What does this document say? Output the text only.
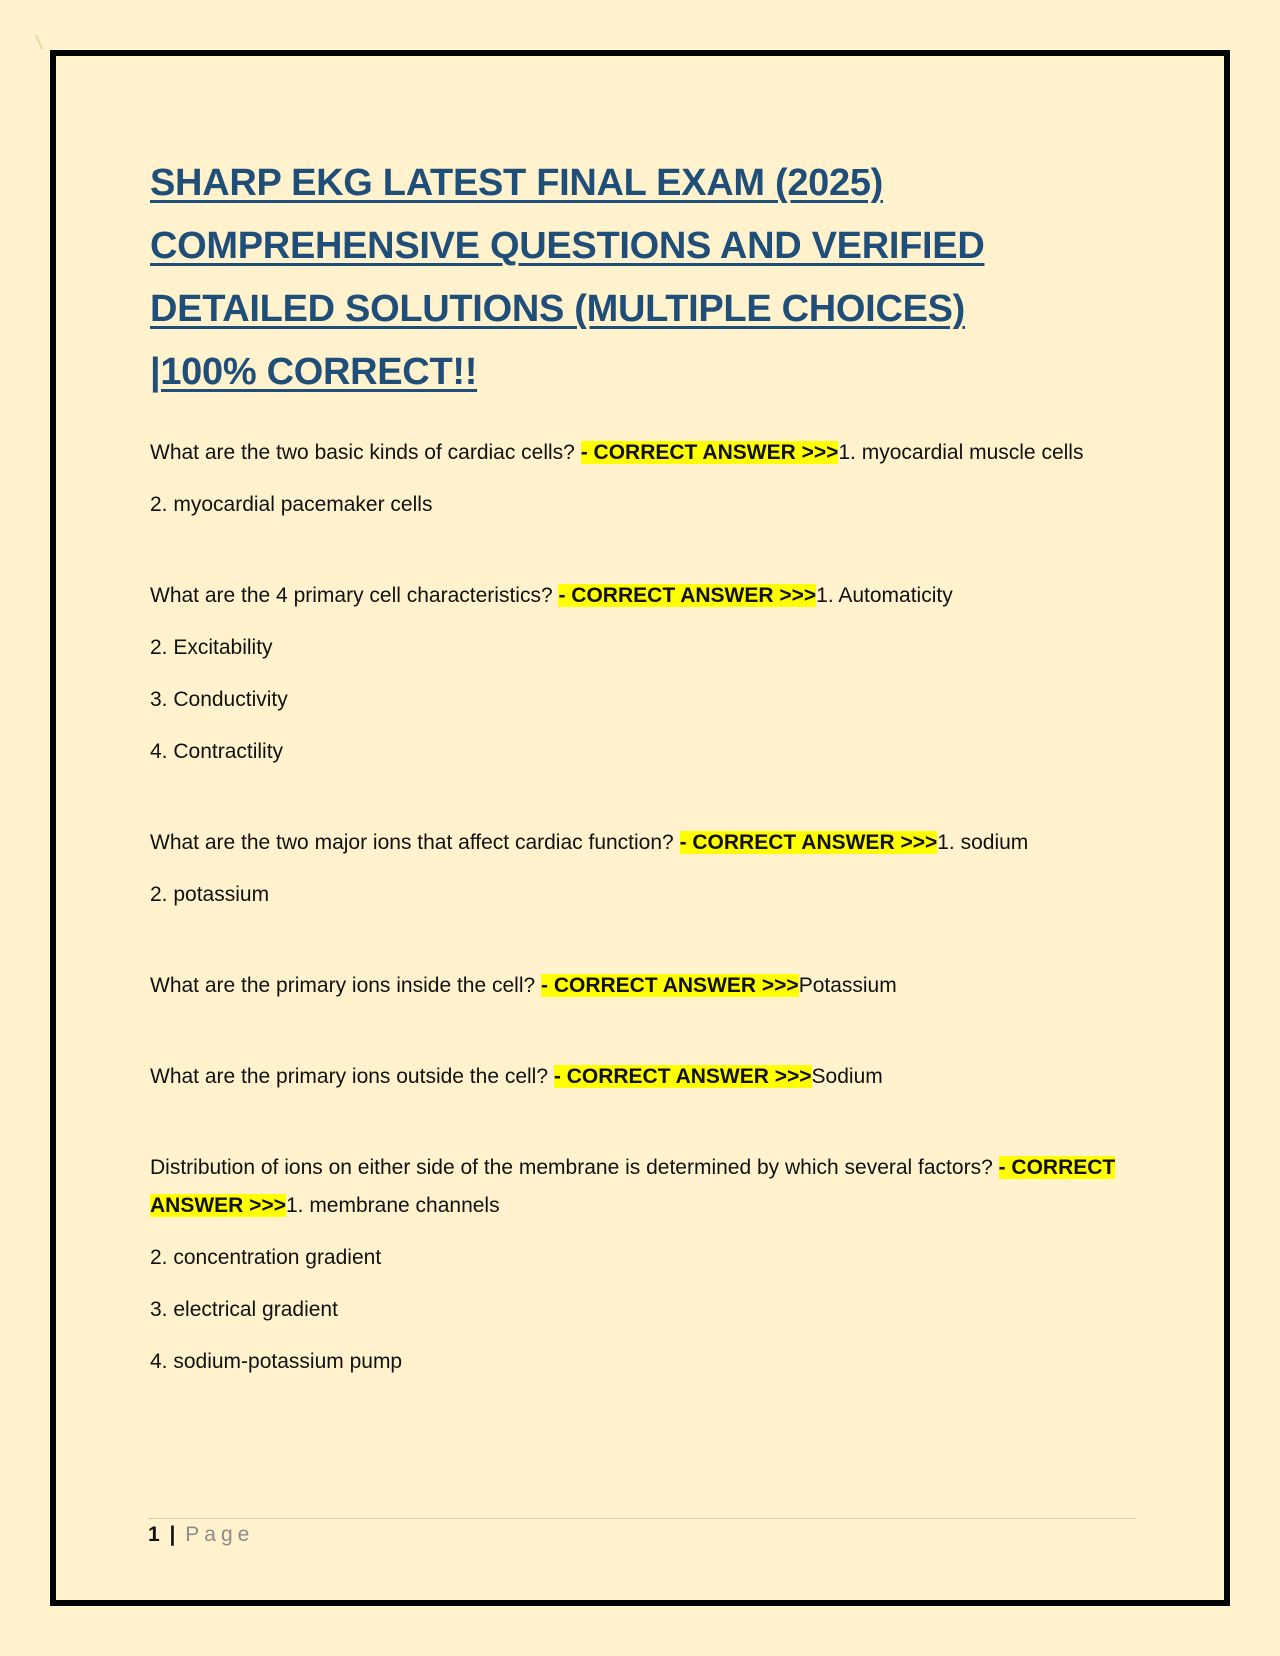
SHARP EKG LATEST FINAL EXAM (2025)
COMPREHENSIVE QUESTIONS AND VERIFIED
DETAILED SOLUTIONS (MULTIPLE CHOICES)
|100% CORRECT!!

What are the two basic kinds of cardiac cells? - CORRECT ANSWER >>>1. myocardial muscle cells

2. myocardial pacemaker cells

What are the 4 primary cell characteristics? - CORRECT ANSWER >>>1. Automaticity

2. Excitability

3. Conductivity

4. Contractility

What are the two major ions that affect cardiac function? - CORRECT ANSWER >>>1. sodium

2. potassium

What are the primary ions inside the cell? - CORRECT ANSWER >>>Potassium

What are the primary ions outside the cell? - CORRECT ANSWER >>>Sodium

Distribution of ions on either side of the membrane is determined by which several factors? - CORRECT ANSWER >>>1. membrane channels

2. concentration gradient

3. electrical gradient

4. sodium-potassium pump

1 | Page
